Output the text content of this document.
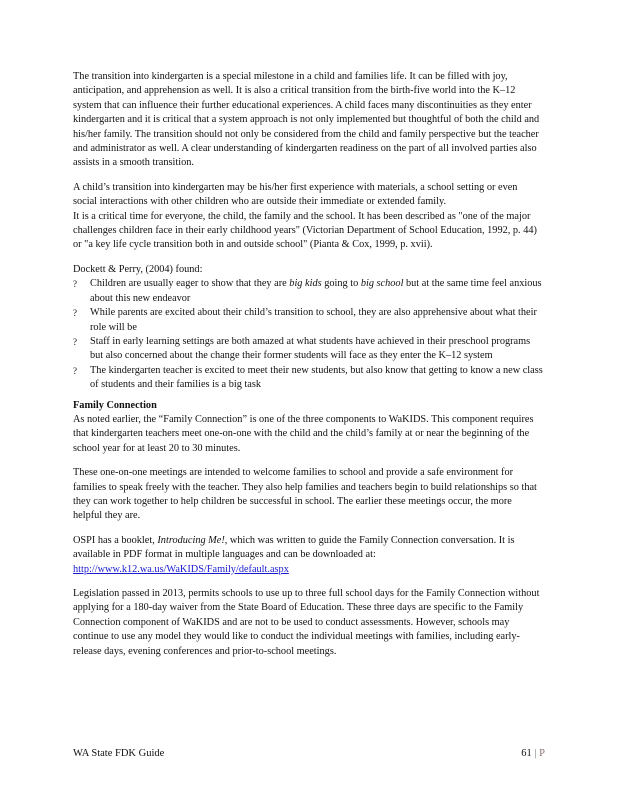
The transition into kindergarten is a special milestone in a child and families life. It can be filled with joy, anticipation, and apprehension as well. It is also a critical transition from the birth-five world into the K–12 system that can influence their further educational experiences. A child faces many discontinuities as they enter kindergarten and it is critical that a system approach is not only implemented but thoughtful of both the child and his/her family. The transition should not only be considered from the child and family perspective but the teacher and administrator as well. A clear understanding of kindergarten readiness on the part of all involved parties also assists in a smooth transition.

A child’s transition into kindergarten may be his/her first experience with materials, a school setting or even social interactions with other children who are outside their immediate or extended family.

It is a critical time for everyone, the child, the family and the school. It has been described as "one of the major challenges children face in their early childhood years" (Victorian Department of School Education, 1992, p. 44) or "a key life cycle transition both in and outside school" (Pianta & Cox, 1999, p. xvii).

Dockett & Perry, (2004) found:

?	Children are usually eager to show that they are big kids going to big school but at the same time feel anxious about this new endeavor
?	While parents are excited about their child’s transition to school, they are also apprehensive about what their role will be
?	Staff in early learning settings are both amazed at what students have achieved in their preschool programs but also concerned about the change their former students will face as they enter the K–12 system
?	The kindergarten teacher is excited to meet their new students, but also know that getting to know a new class of students and their families is a big task

Family Connection

As noted earlier, the “Family Connection” is one of the three components to WaKIDS. This component requires that kindergarten teachers meet one-on-one with the child and the child’s family at or near the beginning of the school year for at least 20 to 30 minutes.

These one-on-one meetings are intended to welcome families to school and provide a safe environment for families to speak freely with the teacher. They also help families and teachers begin to build relationships so that they can work together to help children be successful in school. The earlier these meetings occur, the more helpful they are.

OSPI has a booklet, Introducing Me!, which was written to guide the Family Connection conversation. It is available in PDF format in multiple languages and can be downloaded at:
http://www.k12.wa.us/WaKIDS/Family/default.aspx

Legislation passed in 2013, permits schools to use up to three full school days for the Family Connection without applying for a 180-day waiver from the State Board of Education. These three days are specific to the Family Connection component of WaKIDS and are not to be used to conduct assessments. However, schools may continue to use any model they would like to conduct the individual meetings with families, including early-release days, evening conferences and prior-to-school meetings.

WA State FDK Guide	61 | P
